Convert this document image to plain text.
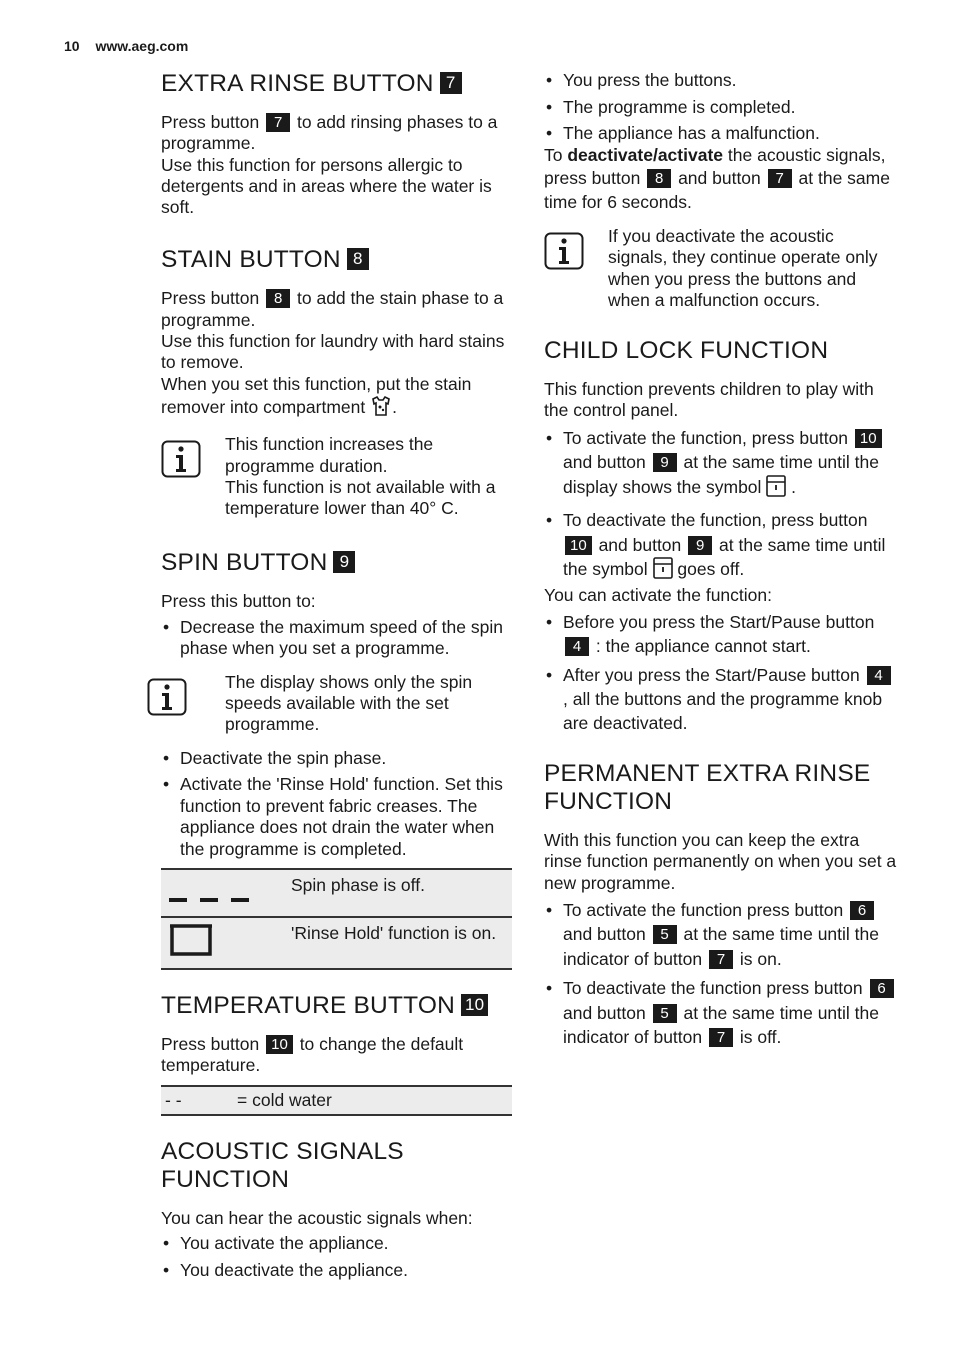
10 www.aeg.com
EXTRA RINSE BUTTON 7

Press button 7 to add rinsing phases to a programme.

Use this function for persons allergic to detergents and in areas where the water is soft.

STAIN BUTTON 8

Press button 8 to add the stain phase to a programme.

Use this function for laundry with hard stains to remove.

When you set this function, put the stain remover into compartment .

This function increases the programme duration.

This function is not available with a temperature lower than 40° C.

SPIN BUTTON 9

Press this button to:

• Decrease the maximum speed of the spin phase when you set a programme.

The display shows only the spin speeds available with the set programme.

• Deactivate the spin phase.
• Activate the 'Rinse Hold' function. Set this function to prevent fabric creases. The appliance does not drain the water when the programme is completed.
	Spin phase is off.
	'Rinse Hold' function is on.
TEMPERATURE BUTTON 10

Press button 10 to change the default temperature.

- -	= cold water
ACOUSTIC SIGNALS FUNCTION

You can hear the acoustic signals when:

• You activate the appliance.
• You deactivate the appliance.
• You press the buttons.
• The programme is completed.
• The appliance has a malfunction.

To deactivate/activate the acoustic signals, press button 8 and button 7 at the same time for 6 seconds.

If you deactivate the acoustic signals, they continue operate only when you press the buttons and when a malfunction occurs.

CHILD LOCK FUNCTION

This function prevents children to play with the control panel.

• To activate the function, press button 10 and button 9 at the same time until the display shows the symbol .
• To deactivate the function, press button 10 and button 9 at the same time until the symbol goes off.

You can activate the function:

• Before you press the Start/Pause button 4 : the appliance cannot start.
• After you press the Start/Pause button 4 , all the buttons and the programme knob are deactivated.
PERMANENT EXTRA RINSE FUNCTION

With this function you can keep the extra rinse function permanently on when you set a new programme.

• To activate the function press button 6 and button 5 at the same time until the indicator of button 7 is on.
• To deactivate the function press button 6 and button 5 at the same time until the indicator of button 7 is off.
